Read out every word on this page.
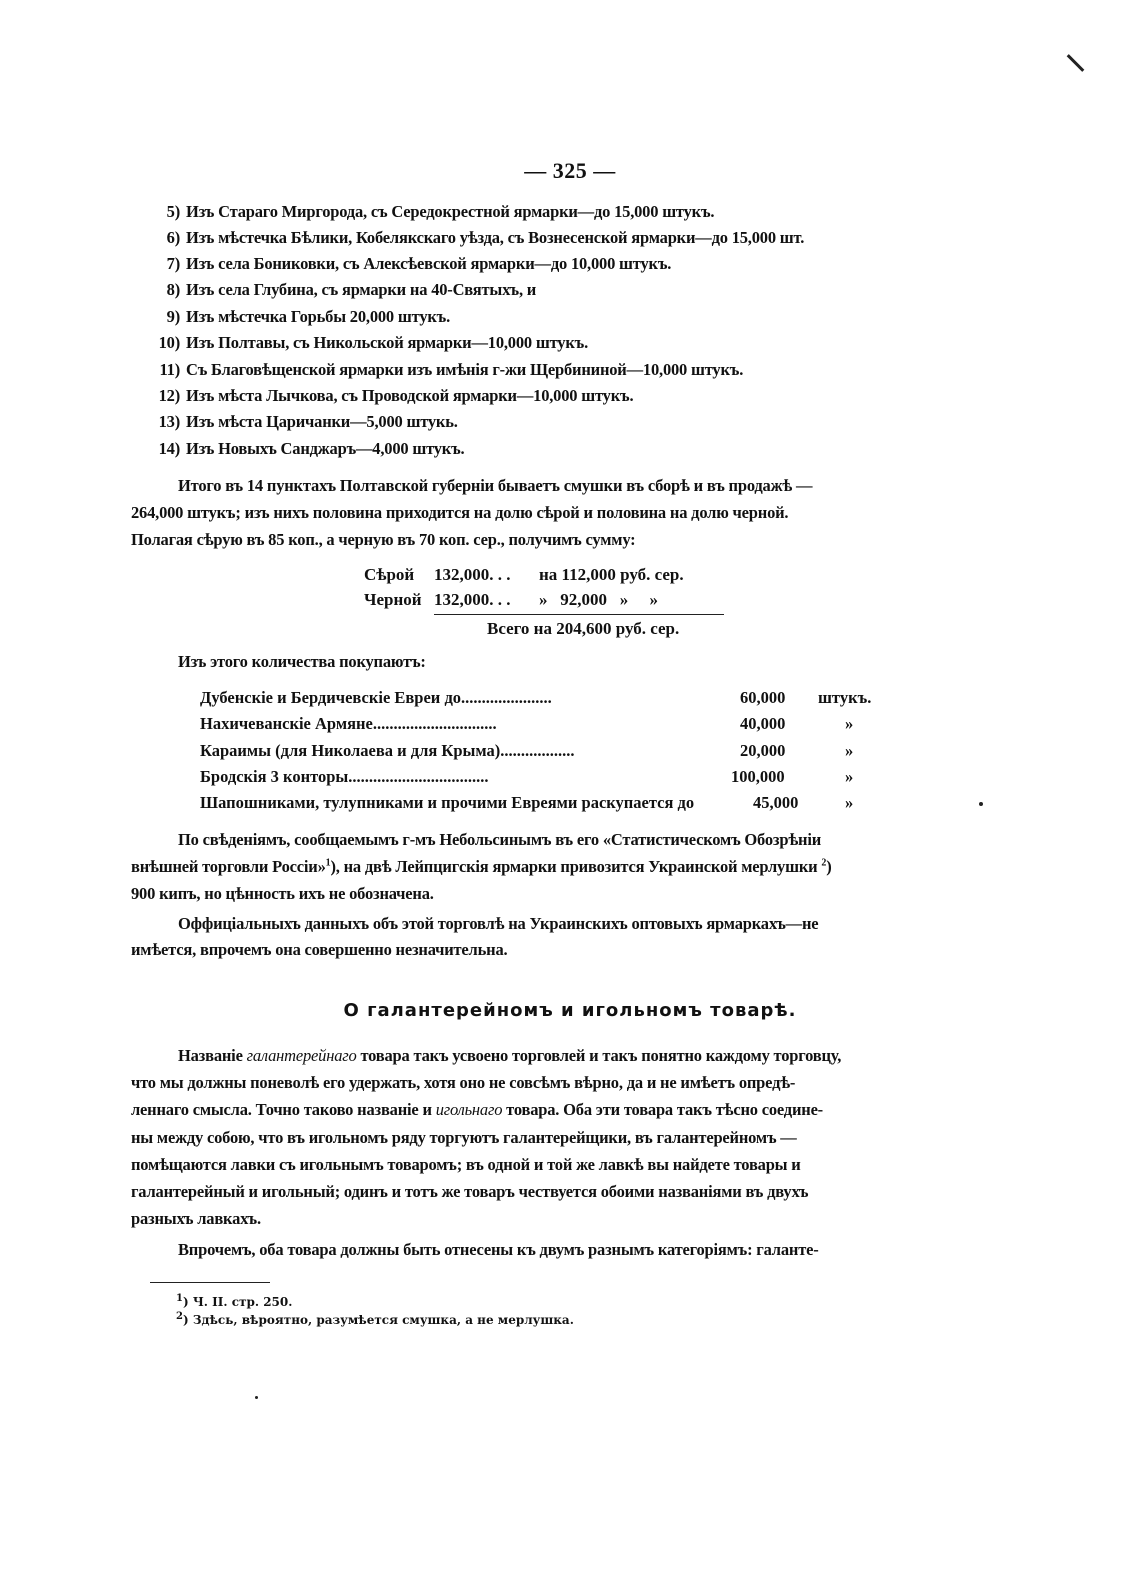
— 325 —
5) Изъ Стараго Миргорода, съ Середокрестной ярмарки—до 15,000 штукъ.
6) Изъ мѣстечка Бѣлики, Кобелякскаго уѣзда, съ Вознесенской ярмарки—до 15,000 шт.
7) Изъ села Бониковки, съ Алексѣевской ярмарки—до 10,000 штукъ.
8) Изъ села Глубина, съ ярмарки на 40-Святыхъ, и
9) Изъ мѣстечка Горьбы 20,000 штукъ.
10) Изъ Полтавы, съ Никольской ярмарки—10,000 штукъ.
11) Съ Благовѣщенской ярмарки изъ имѣнія г-жи Щербининой—10,000 штукъ.
12) Изъ мѣста Лычкова, съ Проводской ярмарки—10,000 штукъ.
13) Изъ мѣста Царичанки—5,000 штукь.
14) Изъ Новыхъ Санджаръ—4,000 штукъ.
Итого въ 14 пунктахъ Полтавской губерніи бываетъ смушки въ сборѣ и въ продажѣ —
264,000 штукъ; изъ нихъ половина приходится на долю сѣрой и половина на долю черной.
Полагая сѣрую въ 85 коп., а черную въ 70 коп. сер., получимъ сумму:
Сѣрой 132,000. . . на 112,000 руб. сер.
Черной 132,000. . . »   92,000   »     »
Всего на 204,600 руб. сер.
Изъ этого количества покупаютъ:
Дубенскіе и Бердичевскіе Евреи до......................	60,000 штукъ.
Нахичеванскіе Армяне..............................	40,000	»
Караимы (для Николаева и для Крыма)..................	20,000	»
Бродскія 3 конторы..................................	100,000	»
Шапошниками, тулупниками и прочими Евреями раскупается до	45,000	»
По свѣденіямъ, сообщаемымъ г-мъ Небольсинымъ въ его «Статистическомъ Обозрѣніи
внѣшней торговли Россіи»$^1$), на двѣ Лейпцигскія ярмарки привозится Украинской мерлушки $^2$)
900 кипъ, но цѣнность ихъ не обозначена.
Оффиціальныхъ данныхъ объ этой торговлѣ на Украинскихъ оптовыхъ ярмаркахъ—не
имѣется, впрочемъ она совершенно незначительна.
О галантерейномъ и игольномъ товарѣ.
Названіе галантерейнаго товара такъ усвоено торговлей и такъ понятно каждому торговцу,
что мы должны поневолѣ его удержать, хотя оно не совсѣмъ вѣрно, да и не имѣетъ опредѣ-
леннаго смысла. Точно таково названіе и игольнаго товара. Оба эти товара такъ тѣсно соедине-
ны между собою, что въ игольномъ ряду торгуютъ галантерейщики, въ галантерейномъ —
помѣщаются лавки съ игольнымъ товаромъ; въ одной и той же лавкѣ вы найдете товары и
галантерейный и игольный; одинъ и тотъ же товаръ чествуется обоими названіями въ двухъ
разныхъ лавкахъ.
Впрочемъ, оба товара должны быть отнесены къ двумъ разнымъ категоріямъ: галанте-
$^1$) Ч. II. стр. 250.
$^2$) Здѣсь, вѣроятно, разумѣется смушка, а не мерлушка.
